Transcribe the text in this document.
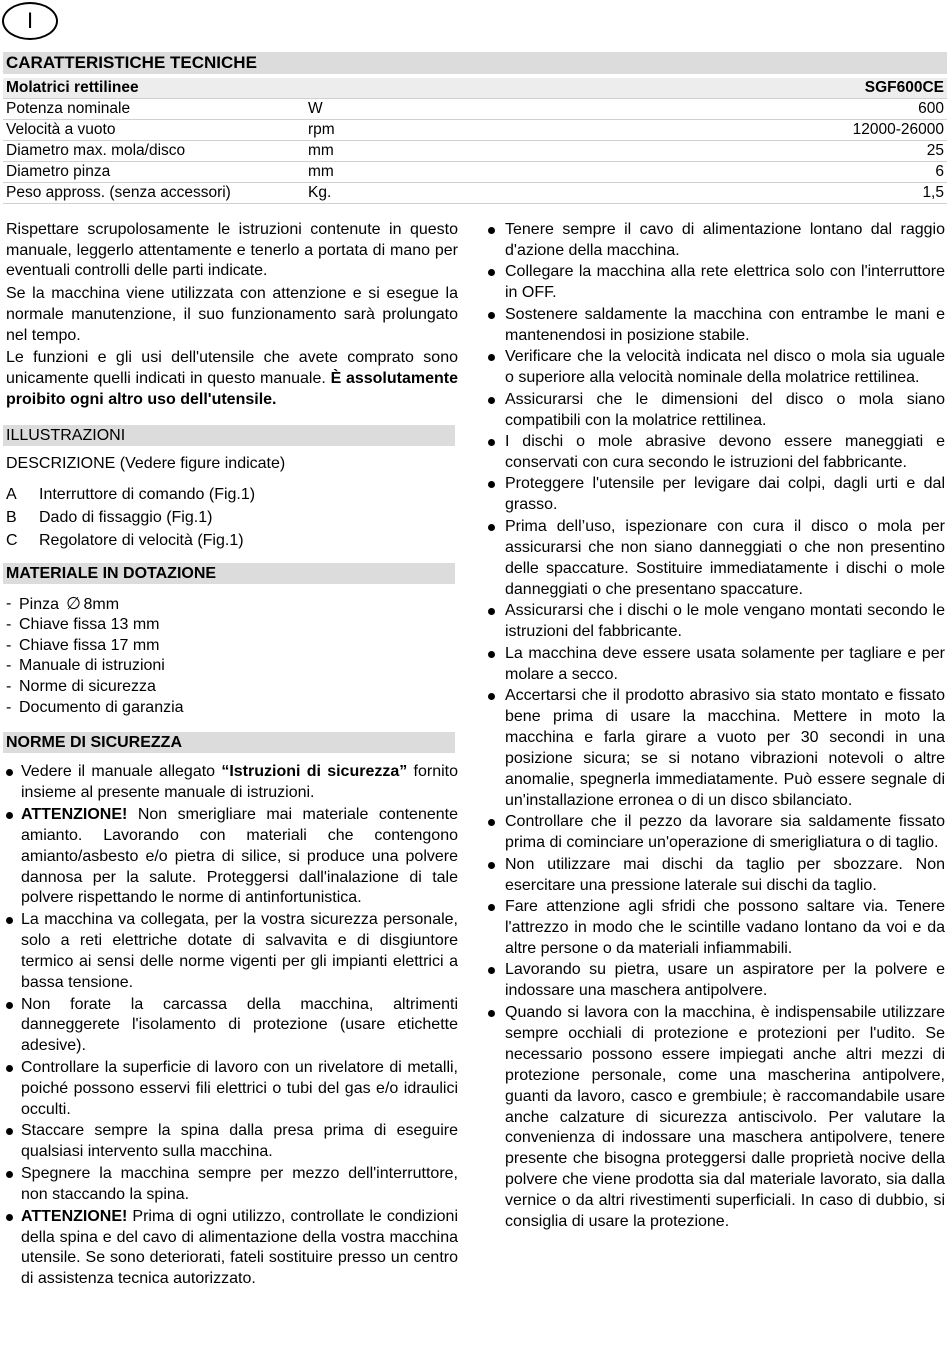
I
CARATTERISTICHE TECNICHE
Molatrici rettilinee	SGF600CE
Potenza nominale	W	600
Velocità a vuoto	rpm	12000-26000
Diametro max. mola/disco	mm	25
Diametro pinza	mm	6
Peso appross. (senza accessori)	Kg.	1,5

Rispettare scrupolosamente le istruzioni contenute in questo manuale, leggerlo attentamente e tenerlo a portata di mano per eventuali controlli delle parti indicate.

Se la macchina viene utilizzata con attenzione e si esegue la normale manutenzione, il suo funzionamento sarà prolungato nel tempo.

Le funzioni e gli usi dell'utensile che avete comprato sono unicamente quelli indicati in questo manuale. È assolutamente proibito ogni altro uso dell'utensile.

ILLUSTRAZIONI
DESCRIZIONE (Vedere figure indicate)
A Interruttore di comando (Fig.1)
B Dado di fissaggio (Fig.1)
C Regolatore di velocità (Fig.1)
MATERIALE IN DOTAZIONE
- Pinza ∅ 8mm
- Chiave fissa 13 mm
- Chiave fissa 17 mm
- Manuale di istruzioni
- Norme di sicurezza
- Documento di garanzia
NORME DI SICUREZZA
Vedere il manuale allegato “Istruzioni di sicurezza” fornito insieme al presente manuale di istruzioni.
ATTENZIONE! Non smerigliare mai materiale contenente amianto. Lavorando con materiali che contengono amianto/asbesto e/o pietra di silice, si produce una polvere dannosa per la salute. Proteggersi dall'inalazione di tale polvere rispettando le norme di antinfortunistica.
La macchina va collegata, per la vostra sicurezza personale, solo a reti elettriche dotate di salvavita e di disgiuntore termico ai sensi delle norme vigenti per gli impianti elettrici a bassa tensione.
Non forate la carcassa della macchina, altrimenti danneggerete l'isolamento di protezione (usare etichette adesive).
Controllare la superficie di lavoro con un rivelatore di metalli, poiché possono esservi fili elettrici o tubi del gas e/o idraulici occulti.
Staccare sempre la spina dalla presa prima di eseguire qualsiasi intervento sulla macchina.
Spegnere la macchina sempre per mezzo dell'interruttore, non staccando la spina.
ATTENZIONE! Prima di ogni utilizzo, controllate le condizioni della spina e del cavo di alimentazione della vostra macchina utensile. Se sono deteriorati, fateli sostituire presso un centro di assistenza tecnica autorizzato.
Tenere sempre il cavo di alimentazione lontano dal raggio d'azione della macchina.
Collegare la macchina alla rete elettrica solo con l'interruttore in OFF.
Sostenere saldamente la macchina con entrambe le mani e mantenendosi in posizione stabile.
Verificare che la velocità indicata nel disco o mola sia uguale o superiore alla velocità nominale della molatrice rettilinea.
Assicurarsi che le dimensioni del disco o mola siano compatibili con la molatrice rettilinea.
I dischi o mole abrasive devono essere maneggiati e conservati con cura secondo le istruzioni del fabbricante.
Proteggere l'utensile per levigare dai colpi, dagli urti e dal grasso.
Prima dell’uso, ispezionare con cura il disco o mola per assicurarsi che non siano danneggiati o che non presentino delle spaccature. Sostituire immediatamente i dischi o mole danneggiati o che presentano spaccature.
Assicurarsi che i dischi o le mole vengano montati secondo le istruzioni del fabbricante.
La macchina deve essere usata solamente per tagliare e per molare a secco.
Accertarsi che il prodotto abrasivo sia stato montato e fissato bene prima di usare la macchina. Mettere in moto la macchina e farla girare a vuoto per 30 secondi in una posizione sicura; se si notano vibrazioni notevoli o altre anomalie, spegnerla immediatamente. Può essere segnale di un'installazione erronea o di un disco sbilanciato.
Controllare che il pezzo da lavorare sia saldamente fissato prima di cominciare un'operazione di smerigliatura o di taglio.
Non utilizzare mai dischi da taglio per sbozzare. Non esercitare una pressione laterale sui dischi da taglio.
Fare attenzione agli sfridi che possono saltare via. Tenere l'attrezzo in modo che le scintille vadano lontano da voi e da altre persone o da materiali infiammabili.
Lavorando su pietra, usare un aspiratore per la polvere e indossare una maschera antipolvere.
Quando si lavora con la macchina, è indispensabile utilizzare sempre occhiali di protezione e protezioni per l'udito. Se necessario possono essere impiegati anche altri mezzi di protezione personale, come una mascherina antipolvere, guanti da lavoro, casco e grembiule; è raccomandabile usare anche calzature di sicurezza antiscivolo. Per valutare la convenienza di indossare una maschera antipolvere, tenere presente che bisogna proteggersi dalle proprietà nocive della polvere che viene prodotta sia dal materiale lavorato, sia dalla vernice o da altri rivestimenti superficiali. In caso di dubbio, si consiglia di usare la protezione.
